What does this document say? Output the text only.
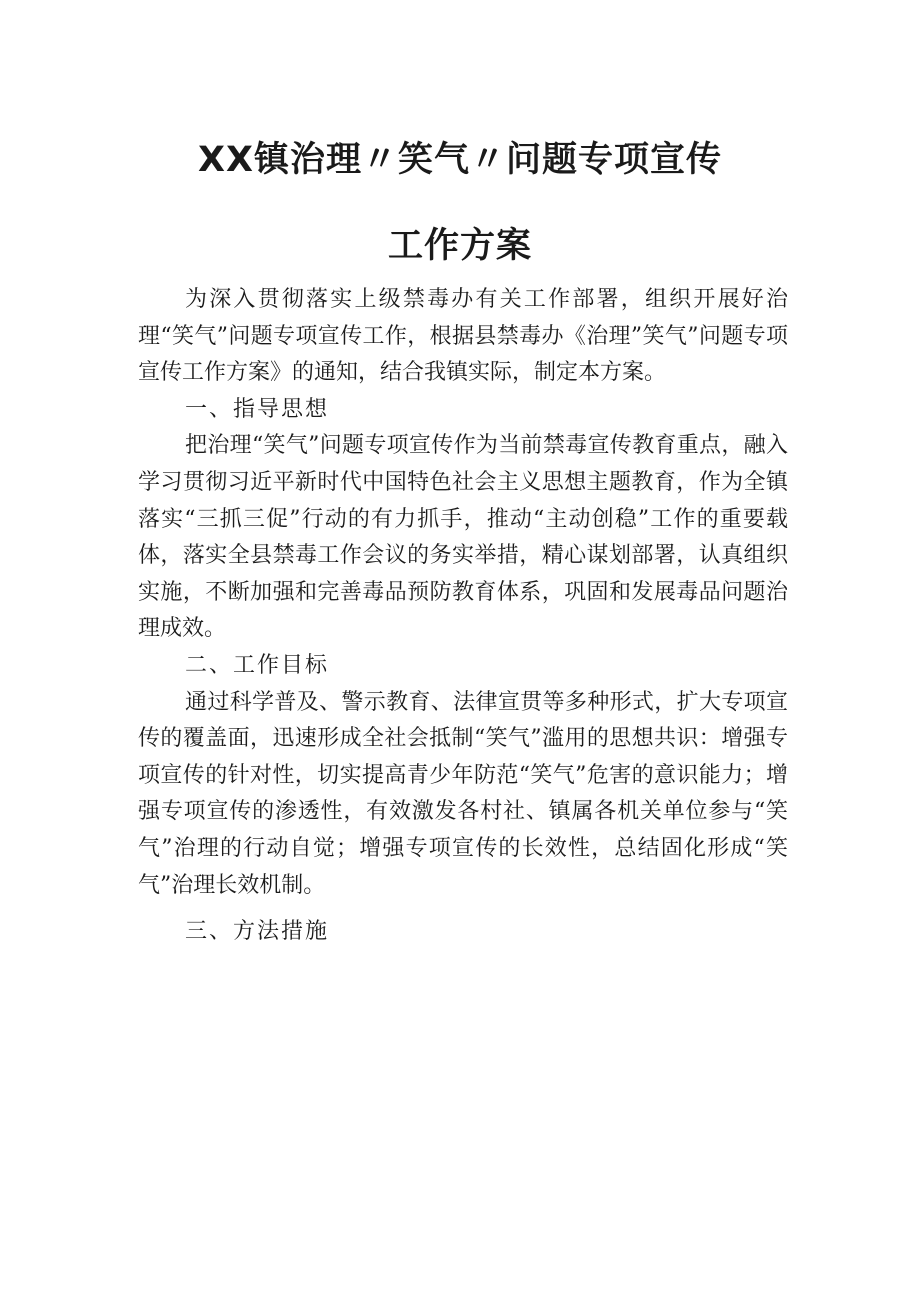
XX镇治理〃笑气〃问题专项宣传
工作方案

为深入贯彻落实上级禁毒办有关工作部署，组织开展好治理“笑气”问题专项宣传工作，根据县禁毒办《治理”笑气”问题专项宣传工作方案》的通知，结合我镇实际，制定本方案。

一、指导思想

把治理“笑气”问题专项宣传作为当前禁毒宣传教育重点，融入学习贯彻习近平新时代中国特色社会主义思想主题教育，作为全镇落实“三抓三促”行动的有力抓手，推动“主动创稳”工作的重要载体，落实全县禁毒工作会议的务实举措，精心谋划部署，认真组织实施，不断加强和完善毒品预防教育体系，巩固和发展毒品问题治理成效。

二、工作目标

通过科学普及、警示教育、法律宣贯等多种形式，扩大专项宣传的覆盖面，迅速形成全社会抵制“笑气”滥用的思想共识：增强专项宣传的针对性，切实提高青少年防范“笑气”危害的意识能力；增强专项宣传的渗透性，有效激发各村社、镇属各机关单位参与“笑气”治理的行动自觉；增强专项宣传的长效性，总结固化形成“笑气”治理长效机制。

三、方法措施
